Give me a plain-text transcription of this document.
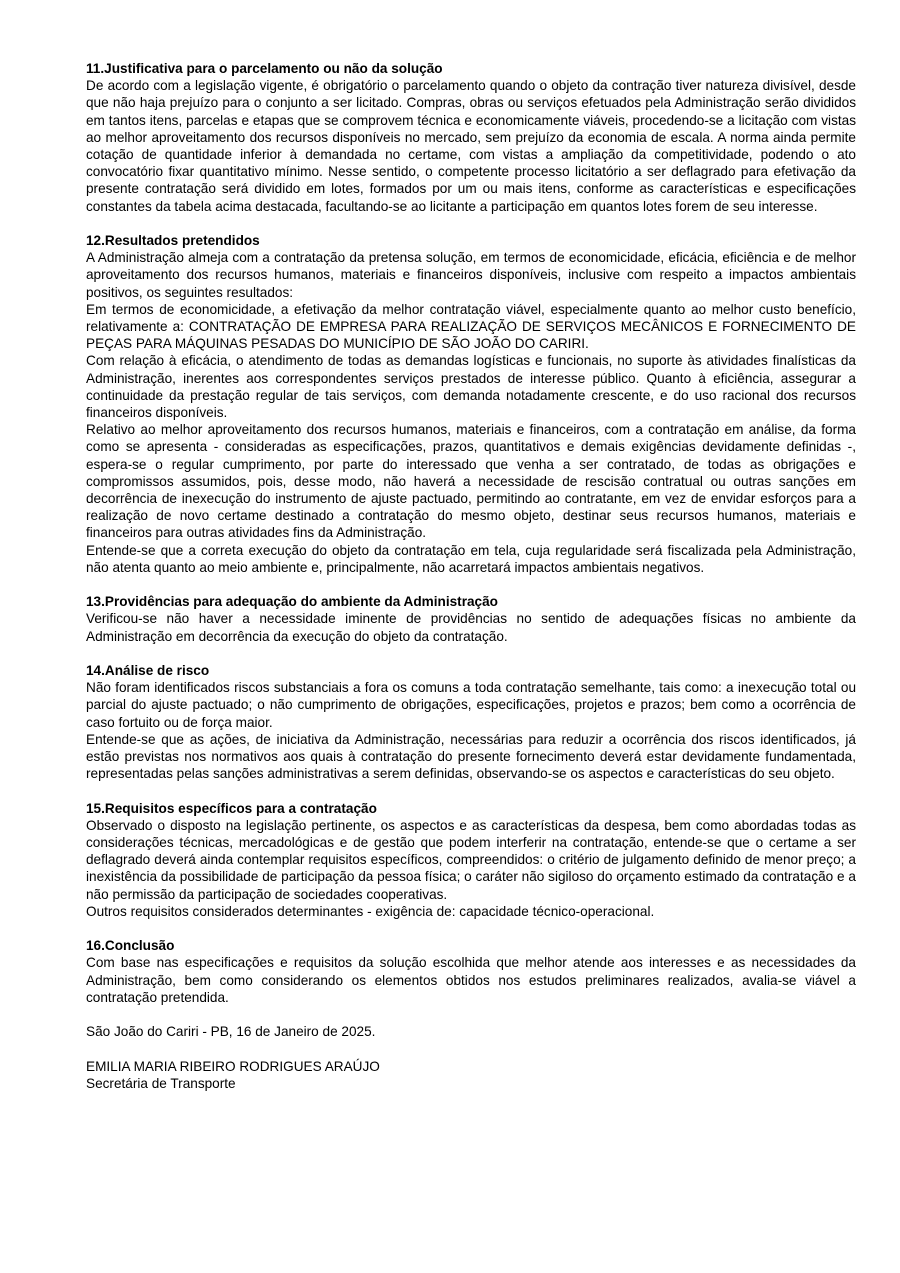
11.Justificativa para o parcelamento ou não da solução

De acordo com a legislação vigente, é obrigatório o parcelamento quando o objeto da contração tiver natureza divisível, desde que não haja prejuízo para o conjunto a ser licitado. Compras, obras ou serviços efetuados pela Administração serão divididos em tantos itens, parcelas e etapas que se comprovem técnica e economicamente viáveis, procedendo-se a licitação com vistas ao melhor aproveitamento dos recursos disponíveis no mercado, sem prejuízo da economia de escala. A norma ainda permite cotação de quantidade inferior à demandada no certame, com vistas a ampliação da competitividade, podendo o ato convocatório fixar quantitativo mínimo. Nesse sentido, o competente processo licitatório a ser deflagrado para efetivação da presente contratação será dividido em lotes, formados por um ou mais itens, conforme as características e especificações constantes da tabela acima destacada, facultando-se ao licitante a participação em quantos lotes forem de seu interesse.

12.Resultados pretendidos

A Administração almeja com a contratação da pretensa solução, em termos de economicidade, eficácia, eficiência e de melhor aproveitamento dos recursos humanos, materiais e financeiros disponíveis, inclusive com respeito a impactos ambientais positivos, os seguintes resultados:

Em termos de economicidade, a efetivação da melhor contratação viável, especialmente quanto ao melhor custo benefício, relativamente a: CONTRATAÇÃO DE EMPRESA PARA REALIZAÇÃO DE SERVIÇOS MECÂNICOS E FORNECIMENTO DE PEÇAS PARA MÁQUINAS PESADAS DO MUNICÍPIO DE SÃO JOÃO DO CARIRI.

Com relação à eficácia, o atendimento de todas as demandas logísticas e funcionais, no suporte às atividades finalísticas da Administração, inerentes aos correspondentes serviços prestados de interesse público. Quanto à eficiência, assegurar a continuidade da prestação regular de tais serviços, com demanda notadamente crescente, e do uso racional dos recursos financeiros disponíveis.

Relativo ao melhor aproveitamento dos recursos humanos, materiais e financeiros, com a contratação em análise, da forma como se apresenta - consideradas as especificações, prazos, quantitativos e demais exigências devidamente definidas -, espera-se o regular cumprimento, por parte do interessado que venha a ser contratado, de todas as obrigações e compromissos assumidos, pois, desse modo, não haverá a necessidade de rescisão contratual ou outras sanções em decorrência de inexecução do instrumento de ajuste pactuado, permitindo ao contratante, em vez de envidar esforços para a realização de novo certame destinado a contratação do mesmo objeto, destinar seus recursos humanos, materiais e financeiros para outras atividades fins da Administração.

Entende-se que a correta execução do objeto da contratação em tela, cuja regularidade será fiscalizada pela Administração, não atenta quanto ao meio ambiente e, principalmente, não acarretará impactos ambientais negativos.

13.Providências para adequação do ambiente da Administração

Verificou-se não haver a necessidade iminente de providências no sentido de adequações físicas no ambiente da Administração em decorrência da execução do objeto da contratação.

14.Análise de risco

Não foram identificados riscos substanciais a fora os comuns a toda contratação semelhante, tais como: a inexecução total ou parcial do ajuste pactuado; o não cumprimento de obrigações, especificações, projetos e prazos; bem como a ocorrência de caso fortuito ou de força maior.

Entende-se que as ações, de iniciativa da Administração, necessárias para reduzir a ocorrência dos riscos identificados, já estão previstas nos normativos aos quais à contratação do presente fornecimento deverá estar devidamente fundamentada, representadas pelas sanções administrativas a serem definidas, observando-se os aspectos e características do seu objeto.

15.Requisitos específicos para a contratação

Observado o disposto na legislação pertinente, os aspectos e as características da despesa, bem como abordadas todas as considerações técnicas, mercadológicas e de gestão que podem interferir na contratação, entende-se que o certame a ser deflagrado deverá ainda contemplar requisitos específicos, compreendidos: o critério de julgamento definido de menor preço; a inexistência da possibilidade de participação da pessoa física; o caráter não sigiloso do orçamento estimado da contratação e a não permissão da participação de sociedades cooperativas.

Outros requisitos considerados determinantes - exigência de: capacidade técnico-operacional.

16.Conclusão

Com base nas especificações e requisitos da solução escolhida que melhor atende aos interesses e as necessidades da Administração, bem como considerando os elementos obtidos nos estudos preliminares realizados, avalia-se viável a contratação pretendida.

São João do Cariri - PB, 16 de Janeiro de 2025.

EMILIA MARIA RIBEIRO RODRIGUES ARAÚJO

Secretária de Transporte
